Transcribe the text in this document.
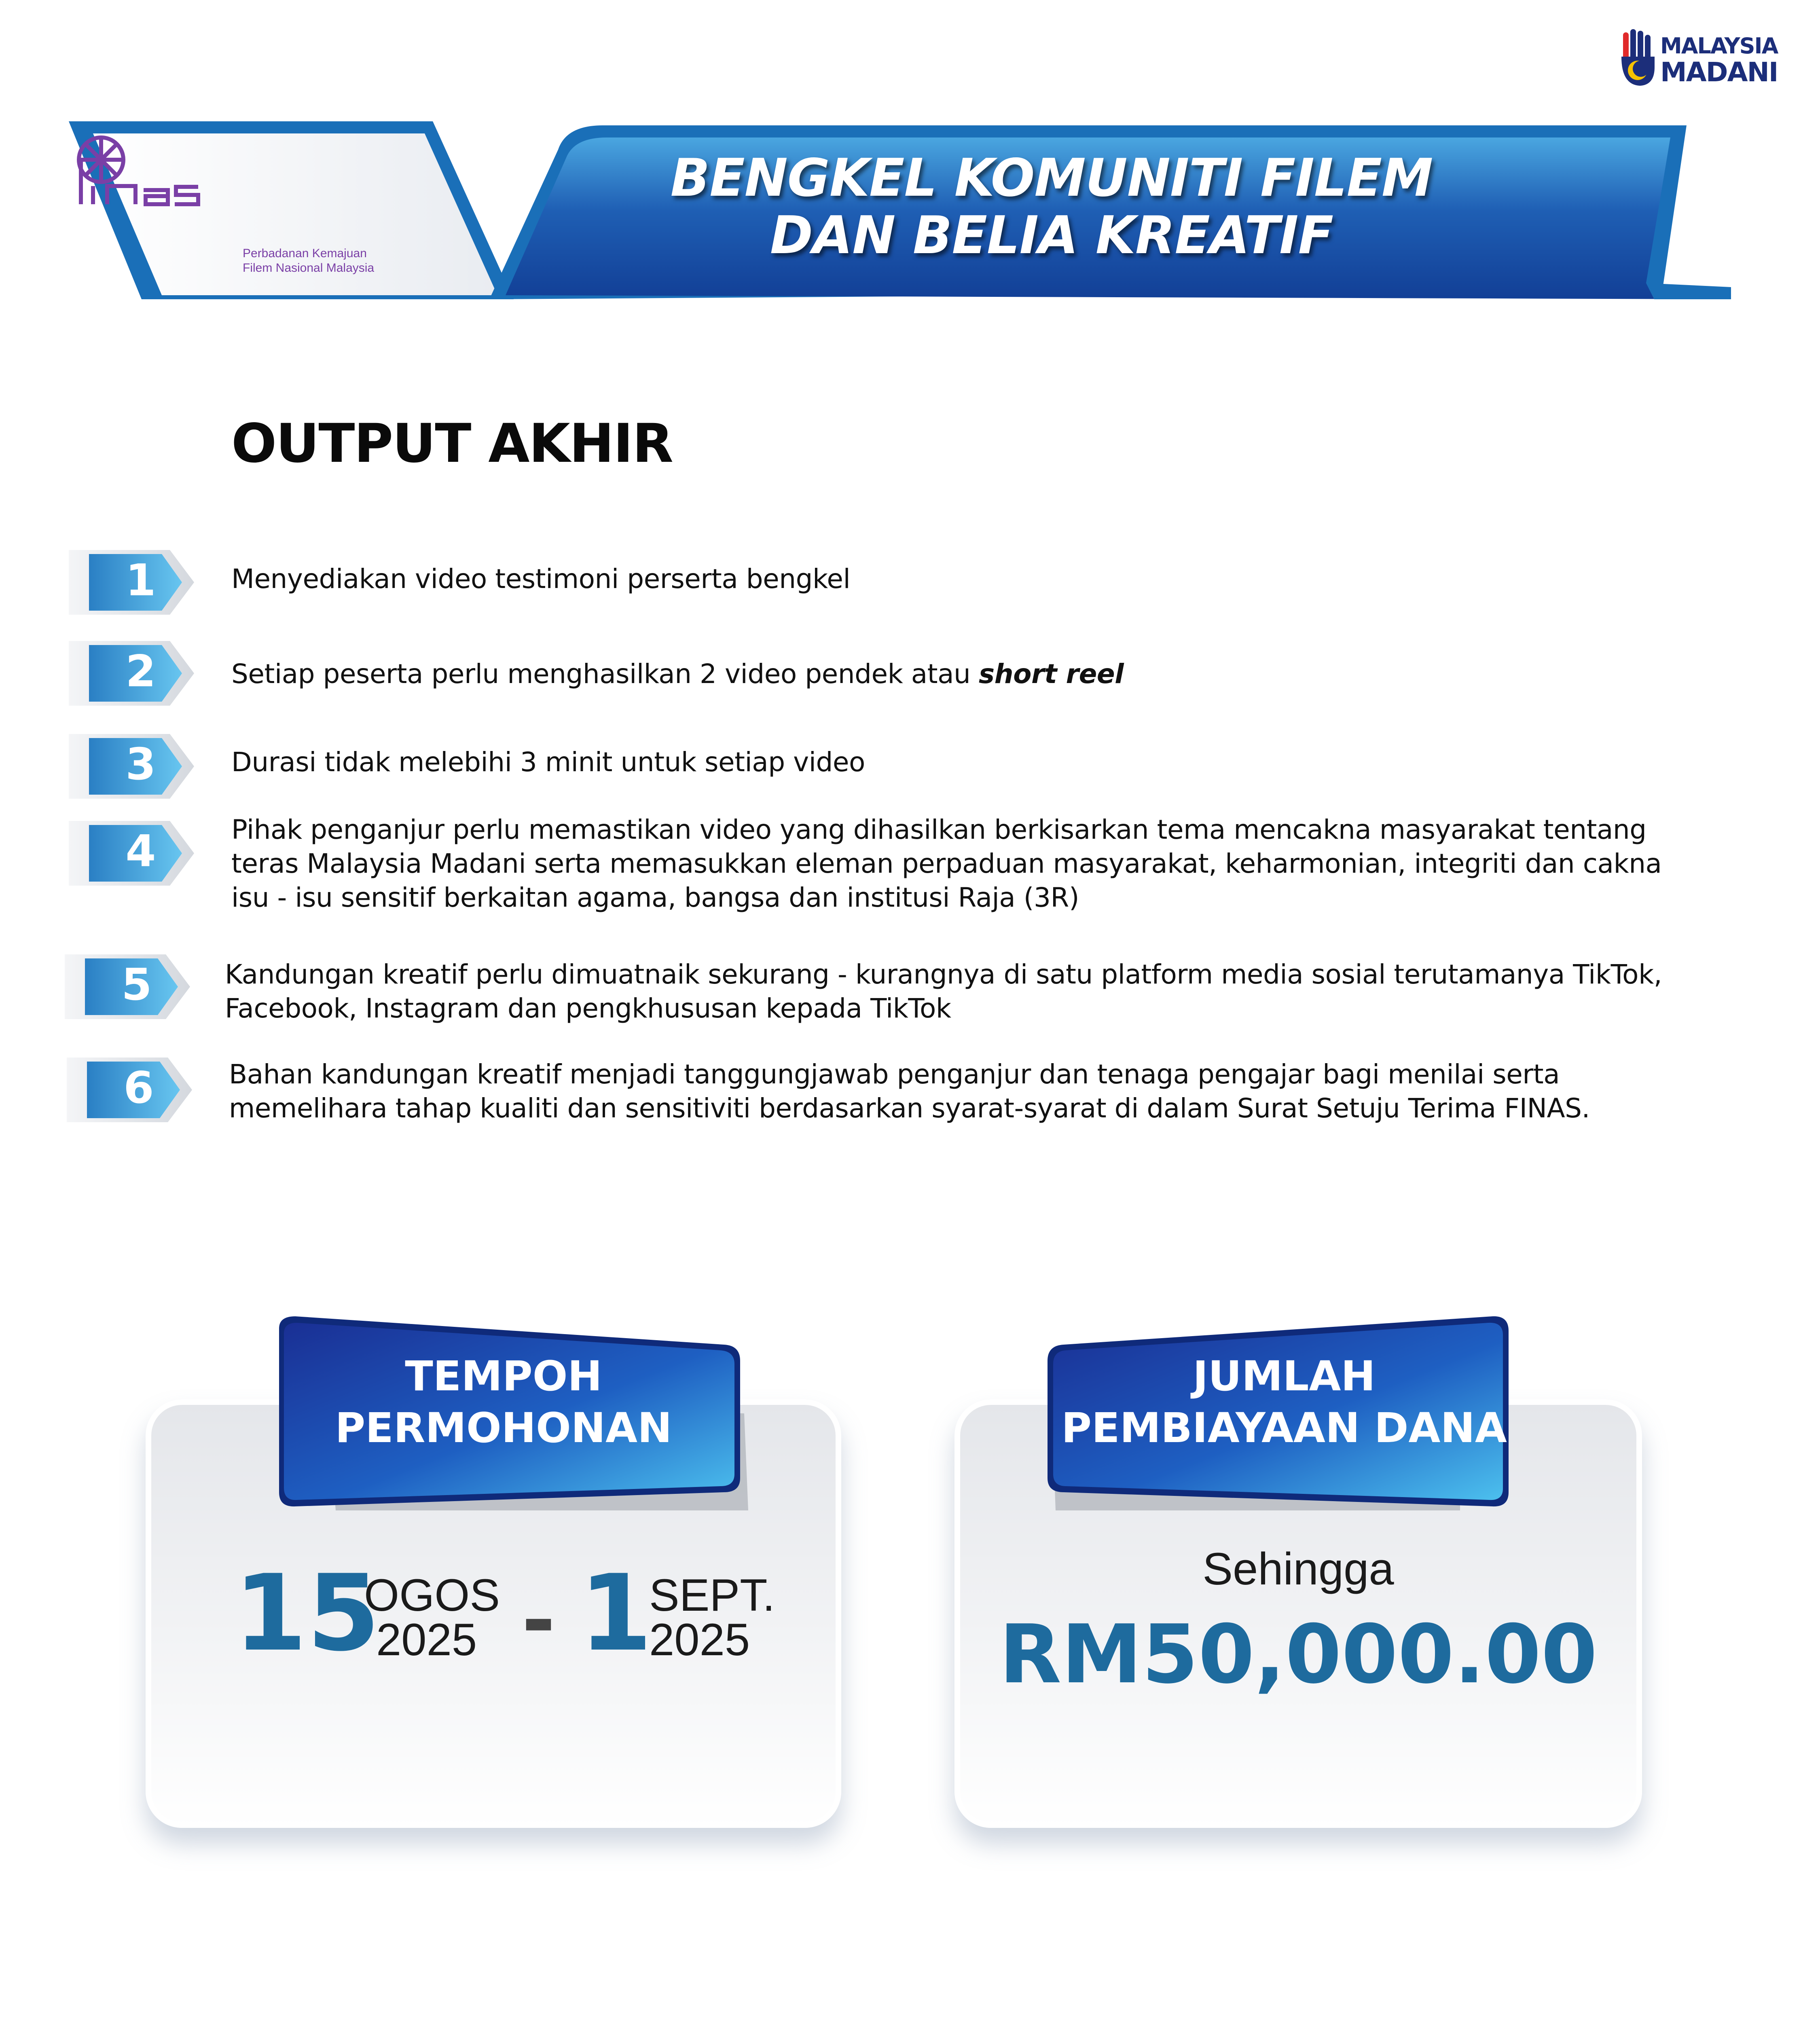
MALAYSIA
MADANI
Perbadanan Kemajuan
Filem Nasional Malaysia
BENGKEL KOMUNITI FILEM
DAN BELIA KREATIF
OUTPUT AKHIR
1	Menyediakan video testimoni perserta bengkel
2	Setiap peserta perlu menghasilkan 2 video pendek atau short reel
3	Durasi tidak melebihi 3 minit untuk setiap video
4	Pihak penganjur perlu memastikan video yang dihasilkan berkisarkan tema mencakna masyarakat tentang
teras Malaysia Madani serta memasukkan eleman perpaduan masyarakat, keharmonian, integriti dan cakna
isu - isu sensitif berkaitan agama, bangsa dan institusi Raja (3R)
5	Kandungan kreatif perlu dimuatnaik sekurang - kurangnya di satu platform media sosial terutamanya TikTok,
Facebook, Instagram dan pengkhususan kepada TikTok
6	Bahan kandungan kreatif menjadi tanggungjawab penganjur dan tenaga pengajar bagi menilai serta
memelihara tahap kualiti dan sensitiviti berdasarkan syarat-syarat di dalam Surat Setuju Terima FINAS.
TEMPOH
PERMOHONAN
15
OGOS
2025 - 1
SEPT.
2025
JUMLAH
PEMBIAYAAN DANA
Sehingga
RM50,000.00
